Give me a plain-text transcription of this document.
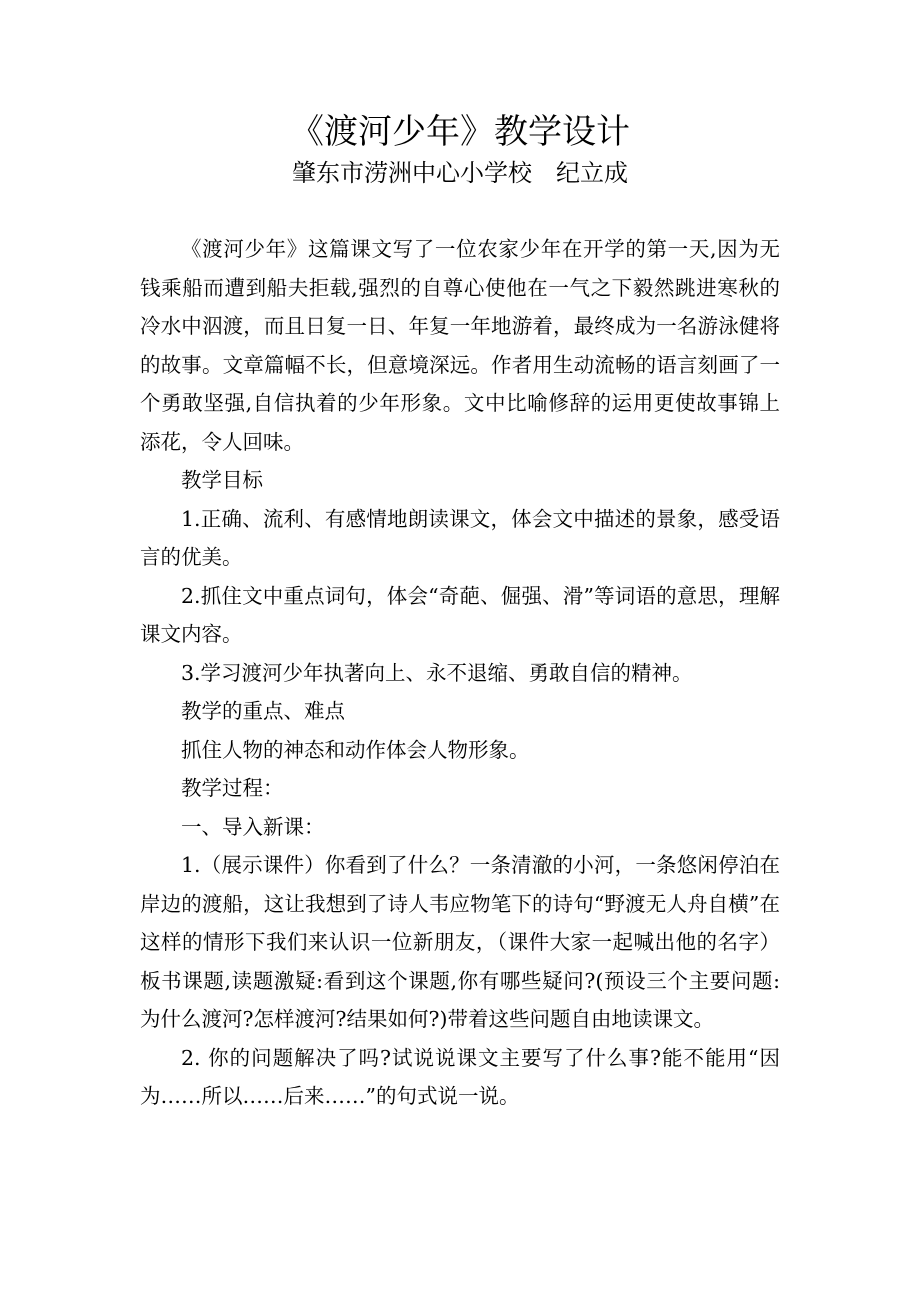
《渡河少年》教学设计
肇东市涝洲中心小学校　纪立成

《渡河少年》这篇课文写了一位农家少年在开学的第一天,因为无钱乘船而遭到船夫拒载,强烈的自尊心使他在一气之下毅然跳进寒秋的冷水中泅渡，而且日复一日、年复一年地游着，最终成为一名游泳健将的故事。文章篇幅不长，但意境深远。作者用生动流畅的语言刻画了一个勇敢坚强,自信执着的少年形象。文中比喻修辞的运用更使故事锦上添花，令人回味。

教学目标

1.正确、流利、有感情地朗读课文，体会文中描述的景象，感受语言的优美。

2.抓住文中重点词句，体会“奇葩、倔强、滑”等词语的意思，理解课文内容。

3.学习渡河少年执著向上、永不退缩、勇敢自信的精神。

教学的重点、难点

抓住人物的神态和动作体会人物形象。

教学过程：

一、导入新课：

1.（展示课件）你看到了什么？一条清澈的小河，一条悠闲停泊在岸边的渡船，这让我想到了诗人韦应物笔下的诗句“野渡无人舟自横”在这样的情形下我们来认识一位新朋友，（课件大家一起喊出他的名字）板书课题,读题激疑:看到这个课题,你有哪些疑问?(预设三个主要问题: 为什么渡河?怎样渡河?结果如何?)带着这些问题自由地读课文。

2. 你的问题解决了吗?试说说课文主要写了什么事?能不能用“因为……所以……后来……”的句式说一说。
